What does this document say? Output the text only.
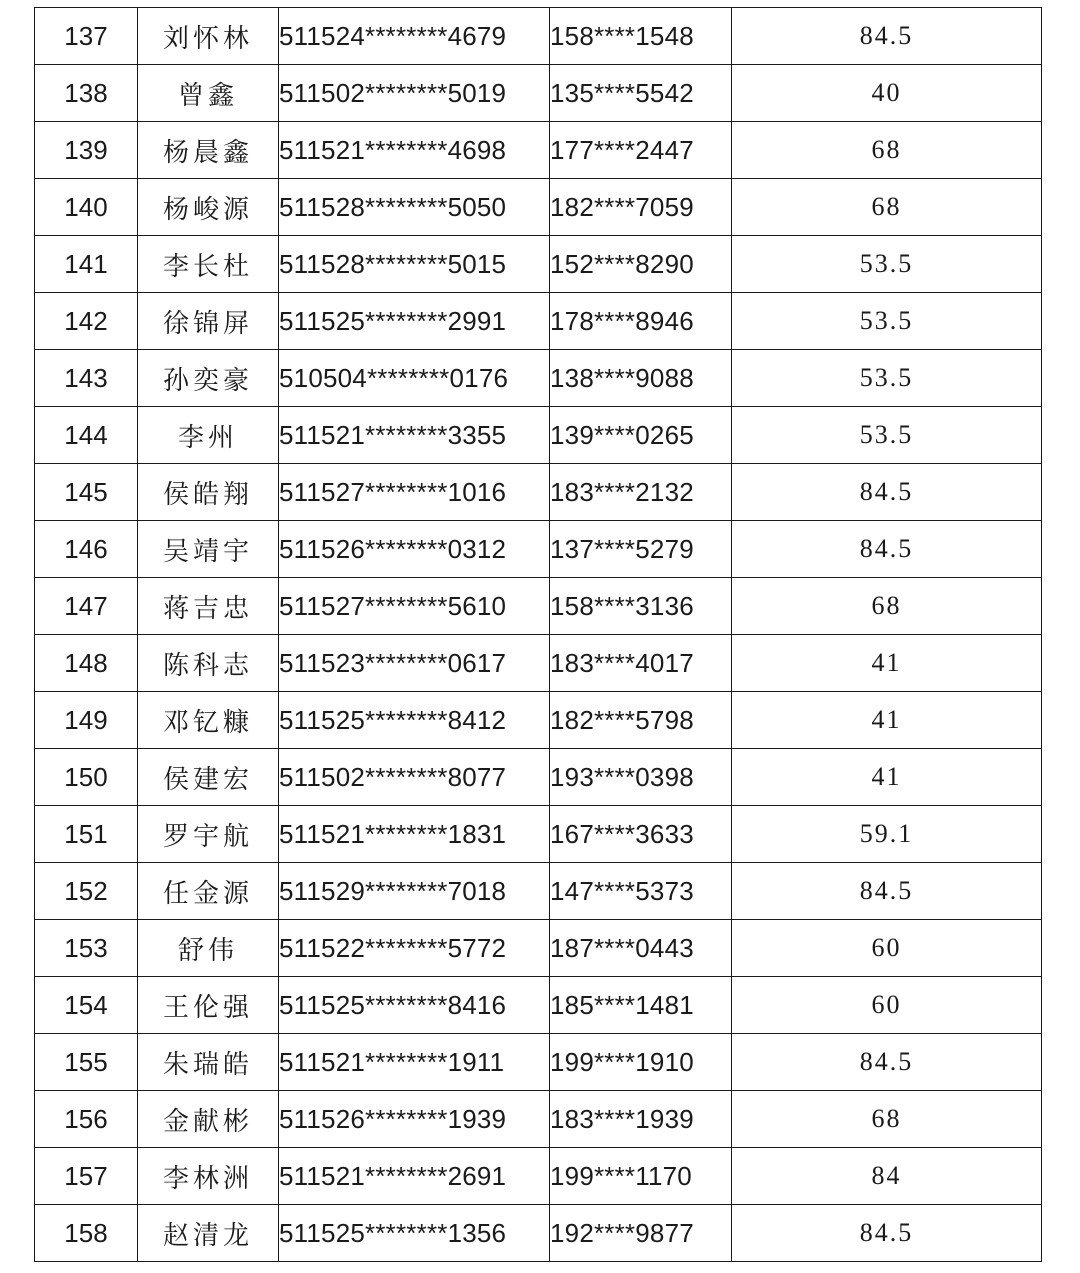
137	刘怀林	511524********4679	158****1548	84.5
138	曾鑫	511502********5019	135****5542	40
139	杨晨鑫	511521********4698	177****2447	68
140	杨峻源	511528********5050	182****7059	68
141	李长杜	511528********5015	152****8290	53.5
142	徐锦屏	511525********2991	178****8946	53.5
143	孙奕豪	510504********0176	138****9088	53.5
144	李州	511521********3355	139****0265	53.5
145	侯皓翔	511527********1016	183****2132	84.5
146	吴靖宇	511526********0312	137****5279	84.5
147	蒋吉忠	511527********5610	158****3136	68
148	陈科志	511523********0617	183****4017	41
149	邓钇糠	511525********8412	182****5798	41
150	侯建宏	511502********8077	193****0398	41
151	罗宇航	511521********1831	167****3633	59.1
152	任金源	511529********7018	147****5373	84.5
153	舒伟	511522********5772	187****0443	60
154	王伦强	511525********8416	185****1481	60
155	朱瑞皓	511521********1911	199****1910	84.5
156	金献彬	511526********1939	183****1939	68
157	李林洲	511521********2691	199****1170	84
158	赵清龙	511525********1356	192****9877	84.5
